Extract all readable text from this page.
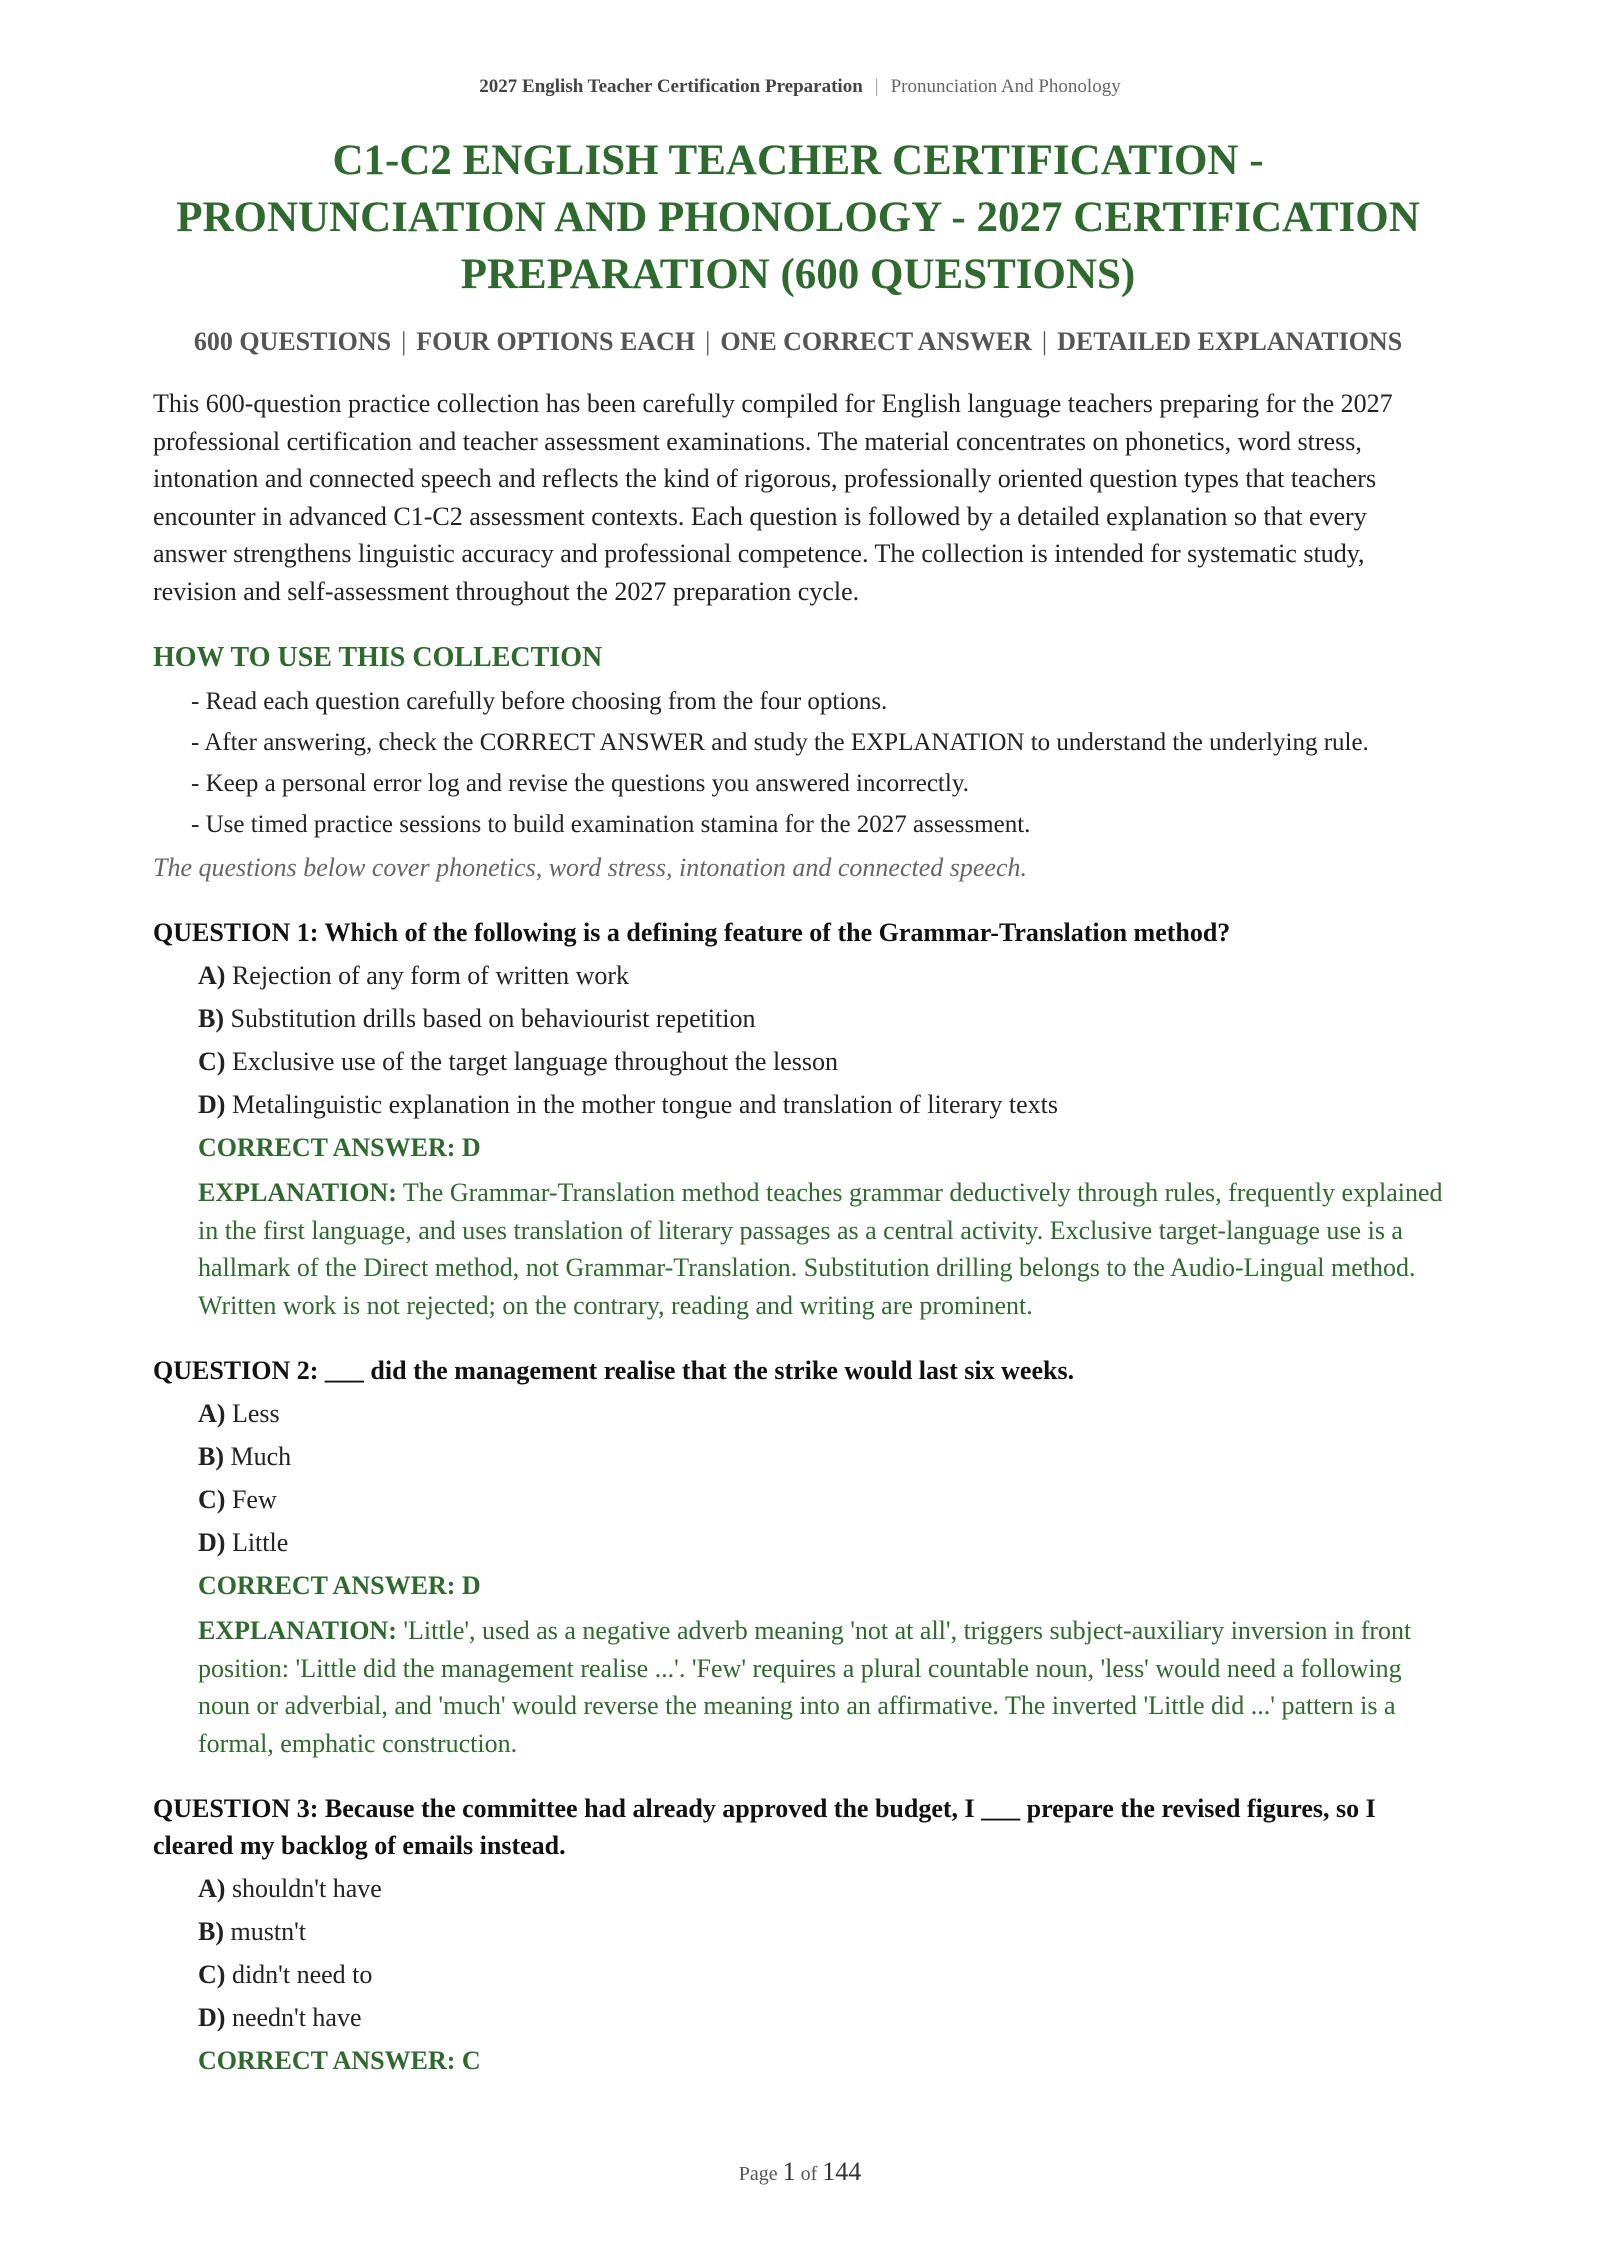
2027 English Teacher Certification Preparation | Pronunciation And Phonology
C1-C2 ENGLISH TEACHER CERTIFICATION - PRONUNCIATION AND PHONOLOGY - 2027 CERTIFICATION PREPARATION (600 QUESTIONS)
600 QUESTIONS | FOUR OPTIONS EACH | ONE CORRECT ANSWER | DETAILED EXPLANATIONS

This 600-question practice collection has been carefully compiled for English language teachers preparing for the 2027 professional certification and teacher assessment examinations. The material concentrates on phonetics, word stress, intonation and connected speech and reflects the kind of rigorous, professionally oriented question types that teachers encounter in advanced C1-C2 assessment contexts. Each question is followed by a detailed explanation so that every answer strengthens linguistic accuracy and professional competence. The collection is intended for systematic study, revision and self-assessment throughout the 2027 preparation cycle.

HOW TO USE THIS COLLECTION
- Read each question carefully before choosing from the four options.
- After answering, check the CORRECT ANSWER and study the EXPLANATION to understand the underlying rule.
- Keep a personal error log and revise the questions you answered incorrectly.
- Use timed practice sessions to build examination stamina for the 2027 assessment.

The questions below cover phonetics, word stress, intonation and connected speech.

QUESTION 1: Which of the following is a defining feature of the Grammar-Translation method?
A) Rejection of any form of written work
B) Substitution drills based on behaviourist repetition
C) Exclusive use of the target language throughout the lesson
D) Metalinguistic explanation in the mother tongue and translation of literary texts
CORRECT ANSWER: D
EXPLANATION: The Grammar-Translation method teaches grammar deductively through rules, frequently explained in the first language, and uses translation of literary passages as a central activity. Exclusive target-language use is a hallmark of the Direct method, not Grammar-Translation. Substitution drilling belongs to the Audio-Lingual method. Written work is not rejected; on the contrary, reading and writing are prominent.
QUESTION 2: ___ did the management realise that the strike would last six weeks.
A) Less
B) Much
C) Few
D) Little
CORRECT ANSWER: D
EXPLANATION: 'Little', used as a negative adverb meaning 'not at all', triggers subject-auxiliary inversion in front position: 'Little did the management realise ...'. 'Few' requires a plural countable noun, 'less' would need a following noun or adverbial, and 'much' would reverse the meaning into an affirmative. The inverted 'Little did ...' pattern is a formal, emphatic construction.
QUESTION 3: Because the committee had already approved the budget, I ___ prepare the revised figures, so I cleared my backlog of emails instead.
A) shouldn't have
B) mustn't
C) didn't need to
D) needn't have
CORRECT ANSWER: C
Page 1 of 144
